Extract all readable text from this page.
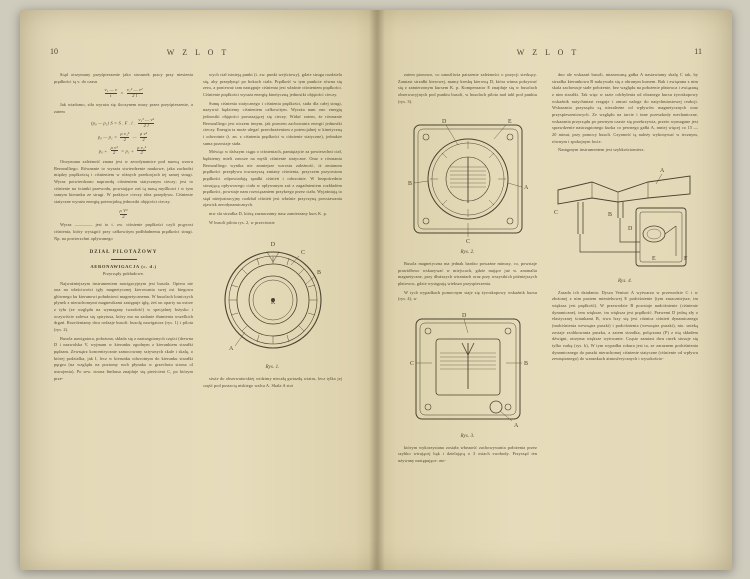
10	W Z L O T

Stąd otrzymany przyśpieszenie jako stosunek pracy przy niesienia prędkości tą v. do czasu

$\frac{\text{v₁ — v}}{t} = \frac{\text{v₁² — v²}}{2 l}$

Jak wiadomo, siła wyraża się iloczynem masy przez przyśpieszenie, a zatem

(p₀ — p₁) S = S . F . l . $\frac{\text{v₁² — v²}}{2 l}$
p₀ — $p_1 = \frac{\text{ρ v₁²}}{2}$ — $\frac{\text{ρ v²}}{2}$
$p_0 + \frac{\text{ρ v²}}{2} = p_1 + \frac{\text{ρ v₁²}}{2}$

Otrzymana zależność znana jest w aerodynamice pod nazwą wzoru Bernoulliego. Równanie to wyraża stwierdzenie naukowe, jaka zachodzi między prędkością i ciśnieniem w różnych przekrojach tej samej strugi. Wyraz potwierdzono naprawdę ciśnieniem statycznym cieczy; jest to ciśnienie na ścianki przewodu, powstające zaś tą masą myślkowi i w tym samym kierunku ze strugi. W praktyce cieczy idea przepływu. Ciśnienie statyczne wyraża energię potencjalną jednostki objętości cieczy.

$\frac{\text{ρ V²}}{2}$

Wyraz ———— jest to t. zw. ciśnienie prędkości czyli prąyrost ciśnienia, który wystąpić przy całkowitym podhładnemu prędkości strugi. Np. na powierzchni opływanego

DZIAŁ PILOTAŻOWY
AERONAWIGACJA (c. d.)
Przyrządy pokładowe.

Najważniejszym instrumentem nawigacyjnym jest busola. Opiera nie ona na właściwości igły magnetycznej kierowania swej osi biegowa głównego ku kierunowi południowi magnetycznemu. W busolach lotniczych płynek z nieruchomymi magnesikami zastępuje igłę, żeś on oparty na ostrze z tyłu (ze względu na wymagany twardość) w specjalnej łożysko i oczywiście zalewa się spirytusa, który ma na zadanie tłumienia wszelkich drgań. Rozróżniamy dwa rodzaje busoli: busolę nawigatora (rys. 1) i pilota (rys. 2).

Busola nawigatora, położona, składa się z nastrzępionych części (drewna D i nazwalska V, wyjmam w kierunku zgodnym z kierunkiem strzałki pędzam. Zewnątrz koncentrycznie zamocowany sztywnych skale i skalę, o której podzialka, jak I, lecz w kierunku odwrotnym do kierunku strzałki pęrgru (na wzglądu na poziomy ruch płynaka w grzechotu strona ol ustrojenia). Po sew. strona łimbusa znajduje się pierścieni C, po którym prze-

wych ciał istnieją punkt (t. zw. punkt wejściowy), gdzie struga rozdziela się, aby przepłynąć po bokach ciała. Prędkość w tym punkcie równa się zeru, a ponieważ tam następuje ciśnienia jest właśnie ciśnieniem prędkości. Ciśnienie prędkości wyraża energię kinetyczną jednostki objętości cieczy.

Sumę ciśnienia statycznego i ciśnienia prędkości, stała dla całej strugi, nazywać będziemy ciśnieniem całkowitym. Wyraża nam ono energię jednostki objętości poruszającej się cieczy. Widać zatem, że równanie Bernoulliego jest niczem innym, jak prawem zachowania energii jednostki cieczy. Energia ta może ulegać przeobrażeniom z potencjalnej w kinetyczną i odwrotnie (t. zn. z ciśnienia prędkości w ciśnienie statyczne), jednakże suma pozostaje stała.

Mówiąc w dalszym ciągu o ciśnieniach, pamiętajcie za powierzchni ciał, będziemy mieli zawsze na myśli ciśnienie statyczne. Oraz z równania Bernoulliego wynika nie zmniejsze wzrostu zależność, iż zmianom prędkości przepływu towarzyszą zmiany ciśnienia, przyczem przyrostom prędkości odpowiadają spadki ciśnień i odwrotnie. W bezpośrednio stosującą opływowego ciała w opływanym zaś z zagadnieniem rozkładem prędkości, powstaje nam rozwiązaniem przykrego przez ciała. Wyjaśniają to stąd niżejustracyjny rozkład ciśnień jest właśnie przyczyną powstawania zjawisk aerodynamicznych.

mw sfa strzałka D, którą zaznaczamy nasz zamierzany kurs K. p.

W busoli pilota rys. 2, w przeciwnie

D
C
B
K
A
Rys. 1.

stwie do obserwatorskiej widzimy niecałą gwiazdę wiatru, lecz tylko jej część pod postacią niskiego walca A. Skala A stoi

11
W Z L O T

zatem pionowo, co umożliwia patrzenie zależności o pozycji siedzący. Zamiast strzałki kierowej, mamy kreskę kierową D, która winna pokrywać się z zamierzonym kursem K. p. Kompensator E znajduje się w busolach obserwacyjnych pod punktu busoli, w busolach pilota nad tabl pod punktu (rys. 3).

E
D
B
A
C
Rys. 2.

Busola magnetyczna ma jednak bardzo poważne minusy, co, powstaje prawidłowo wskazywać w miejscach, gdzie mające już w. anomalia magnetyczne, przy dłuższych wiraniach oraz przy wszystkich późniejszych płatowcu, gdzie występują wiekszo przyspieszenia.

W tych wypadkach pomocnym staje się żyroskopowy wskaźnik kursu (rys. 4), w

D
C	B
A
Rys. 3.

którym wykorzystana została własność zachowywania położenia przez szybko wirującej bąk i dzielającą o 3 osiach swobody. Przyrząd ten używany następujące: ato-

dno ale wskazań busoli, mianowaną gałka A nastawiamy skalę C tak, by strzałka kierunkowa B nakrywała się z obranym kursem. Bak i związana z nim skala zachowuje stałe położenie, bez względu na położenie płatowca i związaną z nim strzałki. Tak więc w razie odchylenia od obranego kursu żyroskopowy wskaźnik natychmiast reaguje i zmusi naloge do natychmiastowej reakcji. Wskazania przyrządu są niezależne od wpływów magnetycznych oraz przyspieszeniowych. Ze względu na tarcie i inne przeszkody mechaniczne, wskazania przyrządu po pewnym czasie się przekrzywia, przeto wymagane jest sprawdzenie nastrzępionego kurka co pewnego gałki A, mniej więcej co 15 — 20 minut, przy pomocy busoli. Czynność tą należy wykonywać w tecznym, równym i spokojnym locie.

Następnym instrumentem jest szybkościomierz.

A
C	B
D
E	F
Rys. 4.

Zasada ich działania: Dysza Venturi A wytwarza w przewodzie C i w złożonej z nim pustem mieniehowej E podciśnienie (tym zmaczniejsze, im większa jest prędkość). W przewodzie B powstaje nadciśnienie (ciśnienie dynamiczne), tem większe, im większa jest prędkość. Prawemi D jedną zły z elastycznej ściankami B, trwa lszy się jest różnica ciśnień dynamicznego (nadciśnienia wewnątrz puszki) i podciśnienia (wewnątrz puszki), nio. snieką zostaje zsobkowania puszka, a zatem strzałka, połączona (F) z nią składem dźwigni, otrzyma większe wytrwanie. Cząsto zamiast dwu rurek stosuje się tylko rurkę (rys. k), W tym wypadku rokura jest ta, ze zaraznem podciśnienia dynamicznego do puszki nieruchomej ciśnienie statyczne (ciśnienie od wpływu zewnętrznego) do warunkach atmosferycznych i wysokościo-
